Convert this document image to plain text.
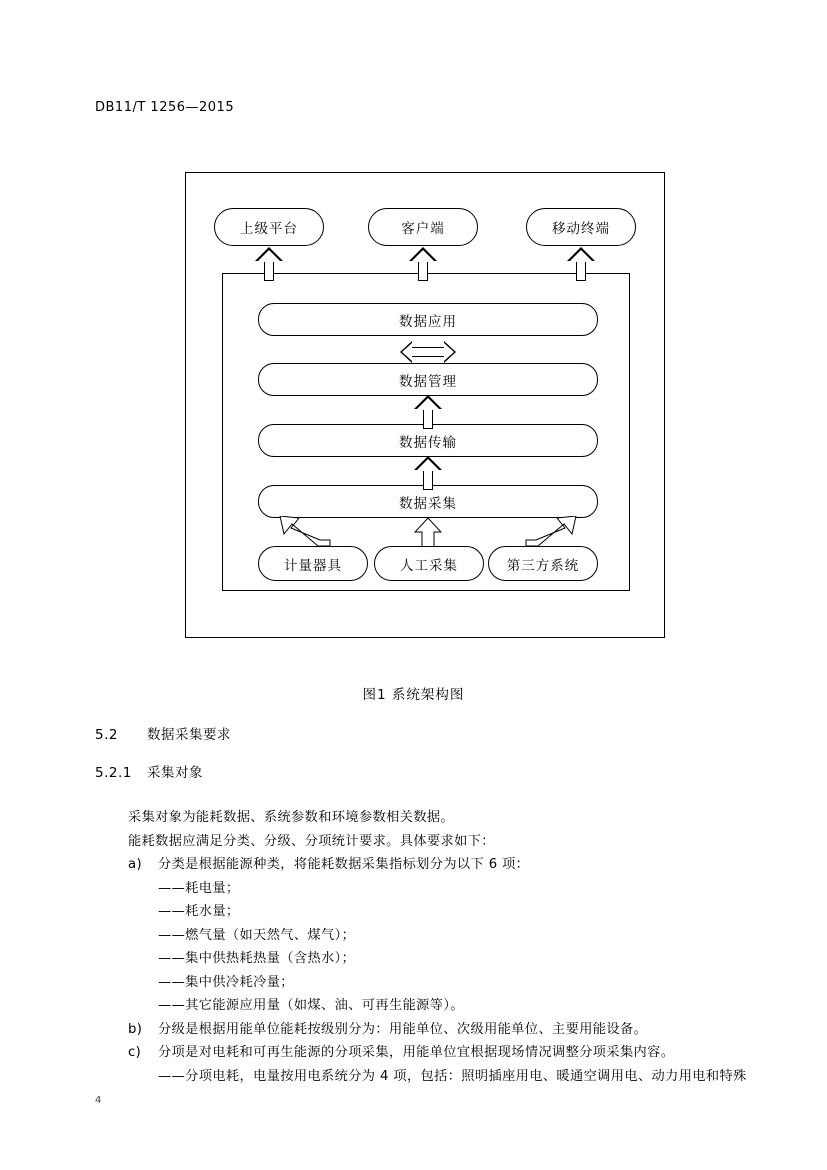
DB11/T 1256—2015
上级平台	客户端	移动终端
数据应用
数据管理
数据传输
数据采集
计量器具	人工采集	第三方系统
图1 系统架构图
5.2 数据采集要求
5.2.1 采集对象

采集对象为能耗数据、系统参数和环境参数相关数据。

能耗数据应满足分类、分级、分项统计要求。具体要求如下：

a) 分类是根据能源种类，将能耗数据采集指标划分为以下 6 项：

——耗电量；

——耗水量；

——燃气量（如天然气、煤气）；

——集中供热耗热量（含热水）；

——集中供冷耗冷量；

——其它能源应用量（如煤、油、可再生能源等）。

b) 分级是根据用能单位能耗按级别分为：用能单位、次级用能单位、主要用能设备。

c) 分项是对电耗和可再生能源的分项采集，用能单位宜根据现场情况调整分项采集内容。

——分项电耗，电量按用电系统分为 4 项，包括：照明插座用电、暖通空调用电、动力用电和特殊

4
